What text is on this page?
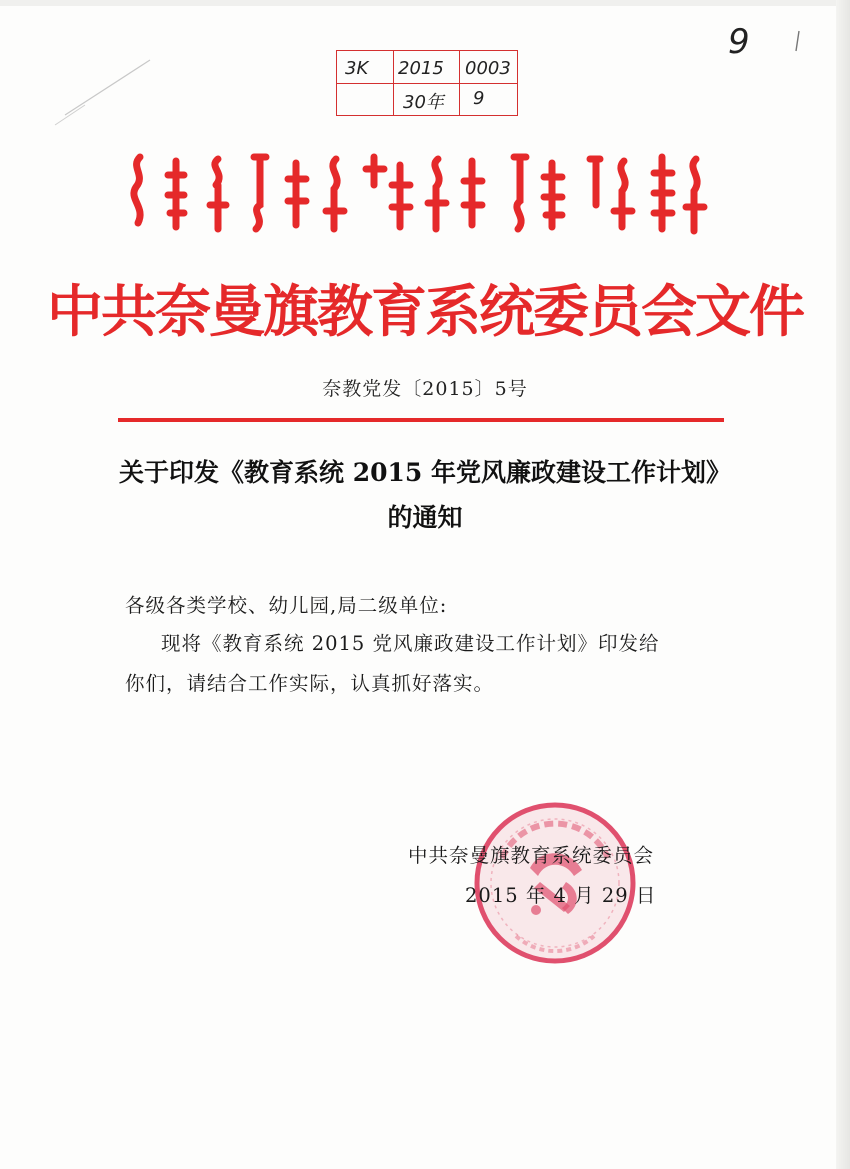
3K 2015 0003
30年 9
9
中共奈曼旗教育系统委员会文件
奈教党发〔2015〕5号
关于印发《教育系统 2015 年党风廉政建设工作计划》
的通知
各级各类学校、幼儿园,局二级单位:
现将《教育系统 2015 党风廉政建设工作计划》印发给
你们，请结合工作实际，认真抓好落实。
中共奈曼旗教育系统委员会
2015 年 4 月 29 日
